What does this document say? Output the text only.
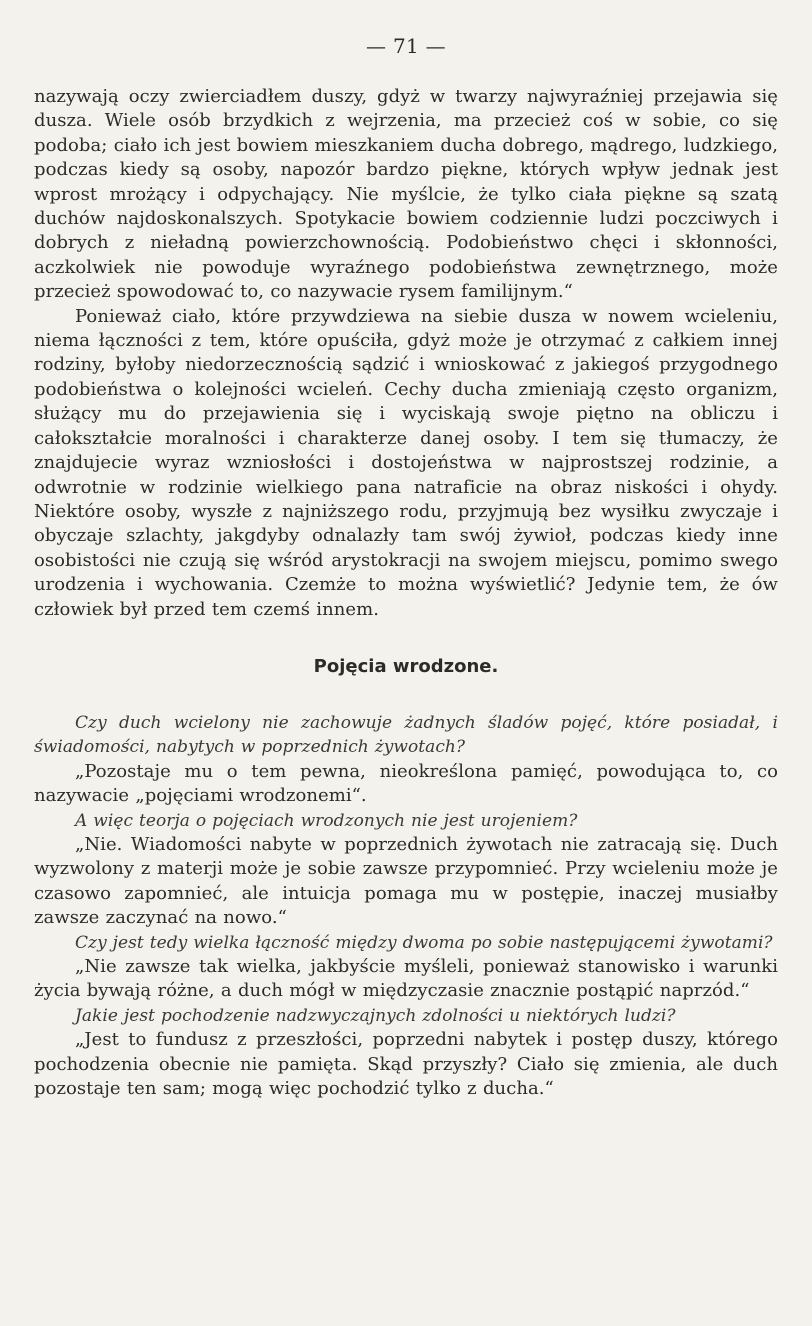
— 71 —

nazywają oczy zwierciadłem duszy, gdyż w twarzy najwyraźniej przejawia się dusza. Wiele osób brzydkich z wejrzenia, ma przecież coś w sobie, co się podoba; ciało ich jest bowiem mieszkaniem ducha dobrego, mądrego, ludzkiego, podczas kiedy są osoby, napozór bardzo piękne, których wpływ jednak jest wprost mrożący i odpychający. Nie myślcie, że tylko ciała piękne są szatą duchów najdoskonalszych. Spotykacie bowiem codziennie ludzi poczciwych i dobrych z nieładną powierzchownością. Podobieństwo chęci i skłonności, aczkolwiek nie powoduje wyraźnego podobieństwa zewnętrznego, może przecież spowodować to, co nazywacie rysem familijnym.“

Ponieważ ciało, które przywdziewa na siebie dusza w nowem wcieleniu, niema łączności z tem, które opuściła, gdyż może je otrzymać z całkiem innej rodziny, byłoby niedorzecznością sądzić i wnioskować z jakiegoś przygodnego podobieństwa o kolejności wcieleń. Cechy ducha zmieniają często organizm, służący mu do przejawienia się i wyciskają swoje piętno na obliczu i całokształcie moralności i charakterze danej osoby. I tem się tłumaczy, że znajdujecie wyraz wzniosłości i dostojeństwa w najprostszej rodzinie, a odwrotnie w rodzinie wielkiego pana natraficie na obraz niskości i ohydy. Niektóre osoby, wyszłe z najniższego rodu, przyjmują bez wysiłku zwyczaje i obyczaje szlachty, jakgdyby odnalazły tam swój żywioł, podczas kiedy inne osobistości nie czują się wśród arystokracji na swojem miejscu, pomimo swego urodzenia i wychowania. Czemże to można wyświetlić? Jedynie tem, że ów człowiek był przed tem czemś innem.

Pojęcia wrodzone.

Czy duch wcielony nie zachowuje żadnych śladów pojęć, które posiadał, i świadomości, nabytych w poprzednich żywotach?

„Pozostaje mu o tem pewna, nieokreślona pamięć, powodująca to, co nazywacie „pojęciami wrodzonemi“.

A więc teorja o pojęciach wrodzonych nie jest urojeniem?

„Nie. Wiadomości nabyte w poprzednich żywotach nie zatracają się. Duch wyzwolony z materji może je sobie zawsze przypomnieć. Przy wcieleniu może je czasowo zapomnieć, ale intuicja pomaga mu w postępie, inaczej musiałby zawsze zaczynać na nowo.“

Czy jest tedy wielka łączność między dwoma po sobie następującemi żywotami?

„Nie zawsze tak wielka, jakbyście myśleli, ponieważ stanowisko i warunki życia bywają różne, a duch mógł w międzyczasie znacznie postąpić naprzód.“

Jakie jest pochodzenie nadzwyczajnych zdolności u niektórych ludzi?

„Jest to fundusz z przeszłości, poprzedni nabytek i postęp duszy, którego pochodzenia obecnie nie pamięta. Skąd przyszły? Ciało się zmienia, ale duch pozostaje ten sam; mogą więc pochodzić tylko z ducha.“
